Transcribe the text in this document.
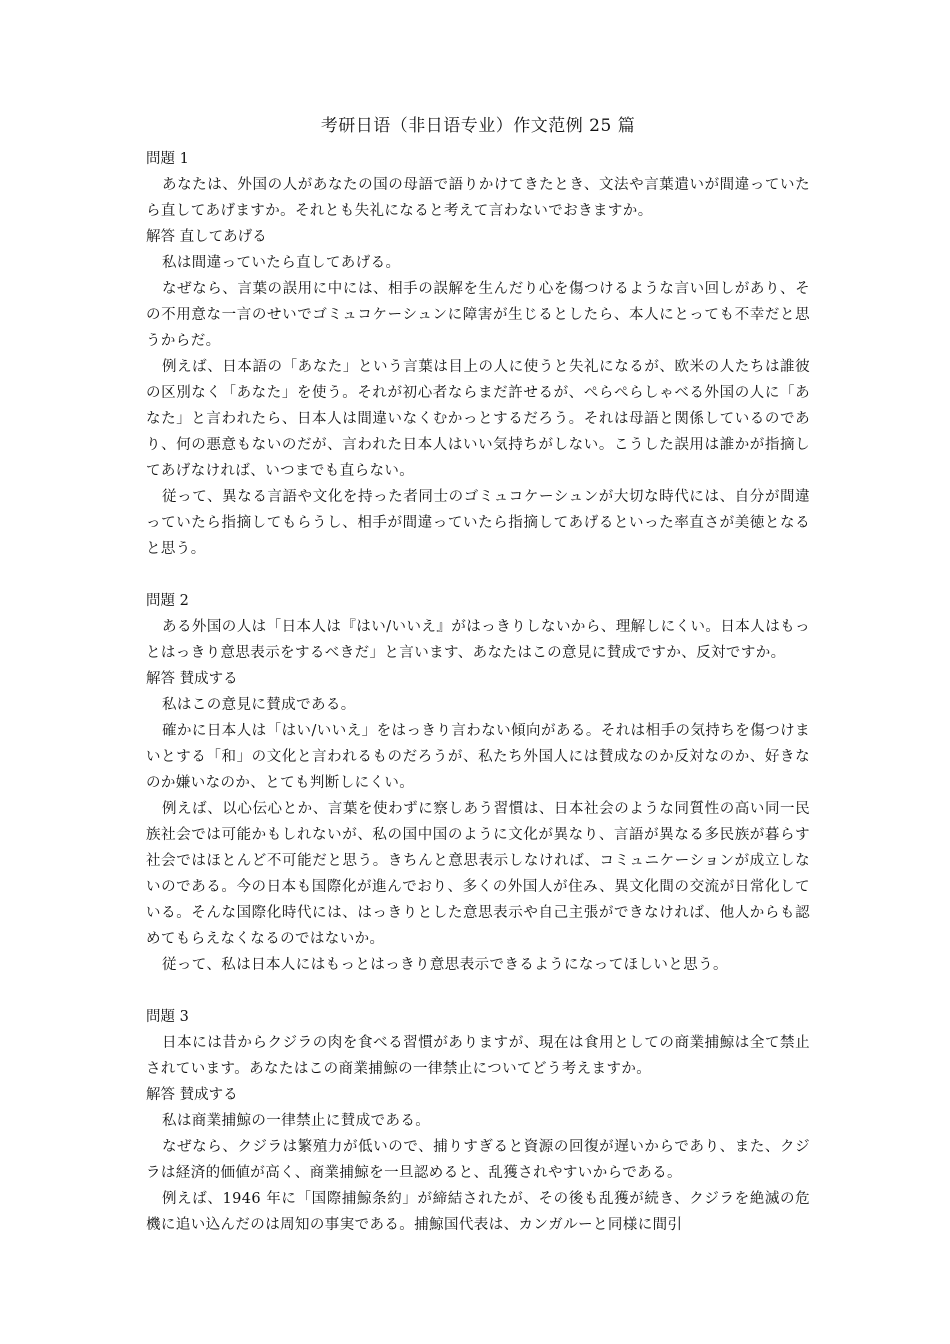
考研日语（非日语专业）作文范例 25 篇

問題 1

あなたは、外国の人があなたの国の母語で語りかけてきたとき、文法や言葉遣いが間違っていたら直してあげますか。それとも失礼になると考えて言わないでおきますか。

解答 直してあげる

私は間違っていたら直してあげる。

なぜなら、言葉の誤用に中には、相手の誤解を生んだり心を傷つけるような言い回しがあり、その不用意な一言のせいでゴミュコケーシュンに障害が生じるとしたら、本人にとっても不幸だと思うからだ。

例えば、日本語の「あなた」という言葉は目上の人に使うと失礼になるが、欧米の人たちは誰彼の区別なく「あなた」を使う。それが初心者ならまだ許せるが、ぺらぺらしゃべる外国の人に「あなた」と言われたら、日本人は間違いなくむかっとするだろう。それは母語と関係しているのであり、何の悪意もないのだが、言われた日本人はいい気持ちがしない。こうした誤用は誰かが指摘してあげなければ、いつまでも直らない。

従って、異なる言語や文化を持った者同士のゴミュコケーシュンが大切な時代には、自分が間違っていたら指摘してもらうし、相手が間違っていたら指摘してあげるといった率直さが美徳となると思う。

問題 2

ある外国の人は「日本人は『はい/いいえ』がはっきりしないから、理解しにくい。日本人はもっとはっきり意思表示をするべきだ」と言います、あなたはこの意見に賛成ですか、反対ですか。

解答 賛成する

私はこの意見に賛成である。

確かに日本人は「はい/いいえ」をはっきり言わない傾向がある。それは相手の気持ちを傷つけまいとする「和」の文化と言われるものだろうが、私たち外国人には賛成なのか反対なのか、好きなのか嫌いなのか、とても判断しにくい。

例えば、以心伝心とか、言葉を使わずに察しあう習慣は、日本社会のような同質性の高い同一民族社会では可能かもしれないが、私の国中国のように文化が異なり、言語が異なる多民族が暮らす社会ではほとんど不可能だと思う。きちんと意思表示しなければ、コミュニケーションが成立しないのである。今の日本も国際化が進んでおり、多くの外国人が住み、異文化間の交流が日常化している。そんな国際化時代には、はっきりとした意思表示や自己主張ができなければ、他人からも認めてもらえなくなるのではないか。

従って、私は日本人にはもっとはっきり意思表示できるようになってほしいと思う。

問題 3

日本には昔からクジラの肉を食べる習慣がありますが、現在は食用としての商業捕鯨は全て禁止されています。あなたはこの商業捕鯨の一律禁止についてどう考えますか。

解答 賛成する

私は商業捕鯨の一律禁止に賛成である。

なぜなら、クジラは繁殖力が低いので、捕りすぎると資源の回復が遅いからであり、また、クジラは経済的価値が高く、商業捕鯨を一旦認めると、乱獲されやすいからである。

例えば、1946 年に「国際捕鯨条約」が締結されたが、その後も乱獲が続き、クジラを絶滅の危機に追い込んだのは周知の事実である。捕鯨国代表は、カンガルーと同様に間引
